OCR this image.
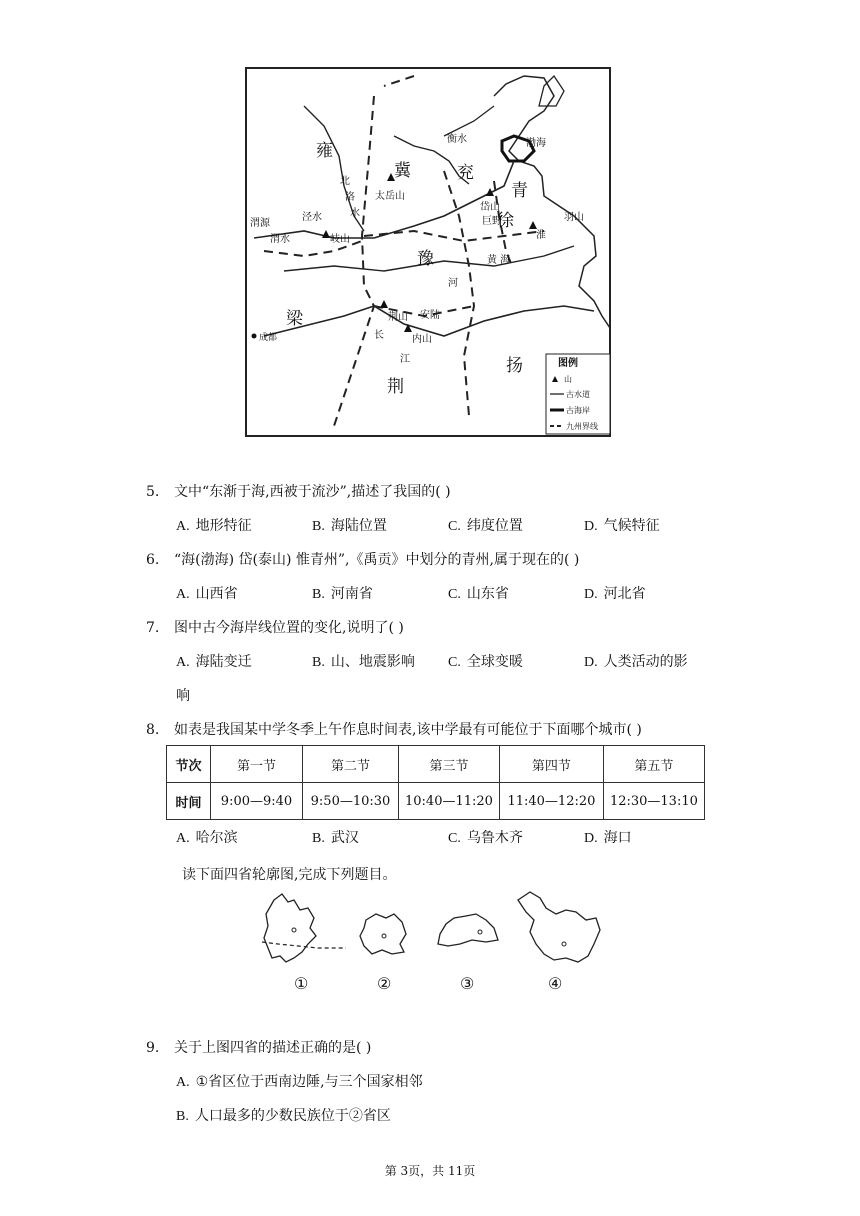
雍
冀	兖
青
徐
豫
梁
荆
扬
衡水	渤海
北
洛
水
太岳山
泾水
岱山
巨野
渭源
渭水	岐山
羽山
黄 海
河
淮
荆山 安陆
长
江
内山
成都
图例
山
古水道
古海岸
九州界线
5. 文中“东渐于海,西被于流沙”,描述了我国的( )
A. 地形特征	B. 海陆位置	C. 纬度位置	D. 气候特征
6. “海(渤海) 岱(泰山) 惟青州”,《禹贡》中划分的青州,属于现在的( )
A. 山西省	B. 河南省	C. 山东省	D. 河北省
7. 图中古今海岸线位置的变化,说明了( )
A. 海陆变迁	B. 山、地震影响 C. 全球变暖	D. 人类活动的影
响
8. 如表是我国某中学冬季上午作息时间表,该中学最有可能位于下面哪个城市( )
节次	第一节	第二节	第三节	第四节	第五节
时间	9:00—9:40	9:50—10:30	10:40—11:20	11:40—12:20	12:30—13:10
A. 哈尔滨	B. 武汉	C. 乌鲁木齐	D. 海口
读下面四省轮廓图,完成下列题目。
①	②	③	④
9. 关于上图四省的描述正确的是( )
A. ①省区位于西南边陲,与三个国家相邻
B. 人口最多的少数民族位于②省区
第 3页，共 11页
